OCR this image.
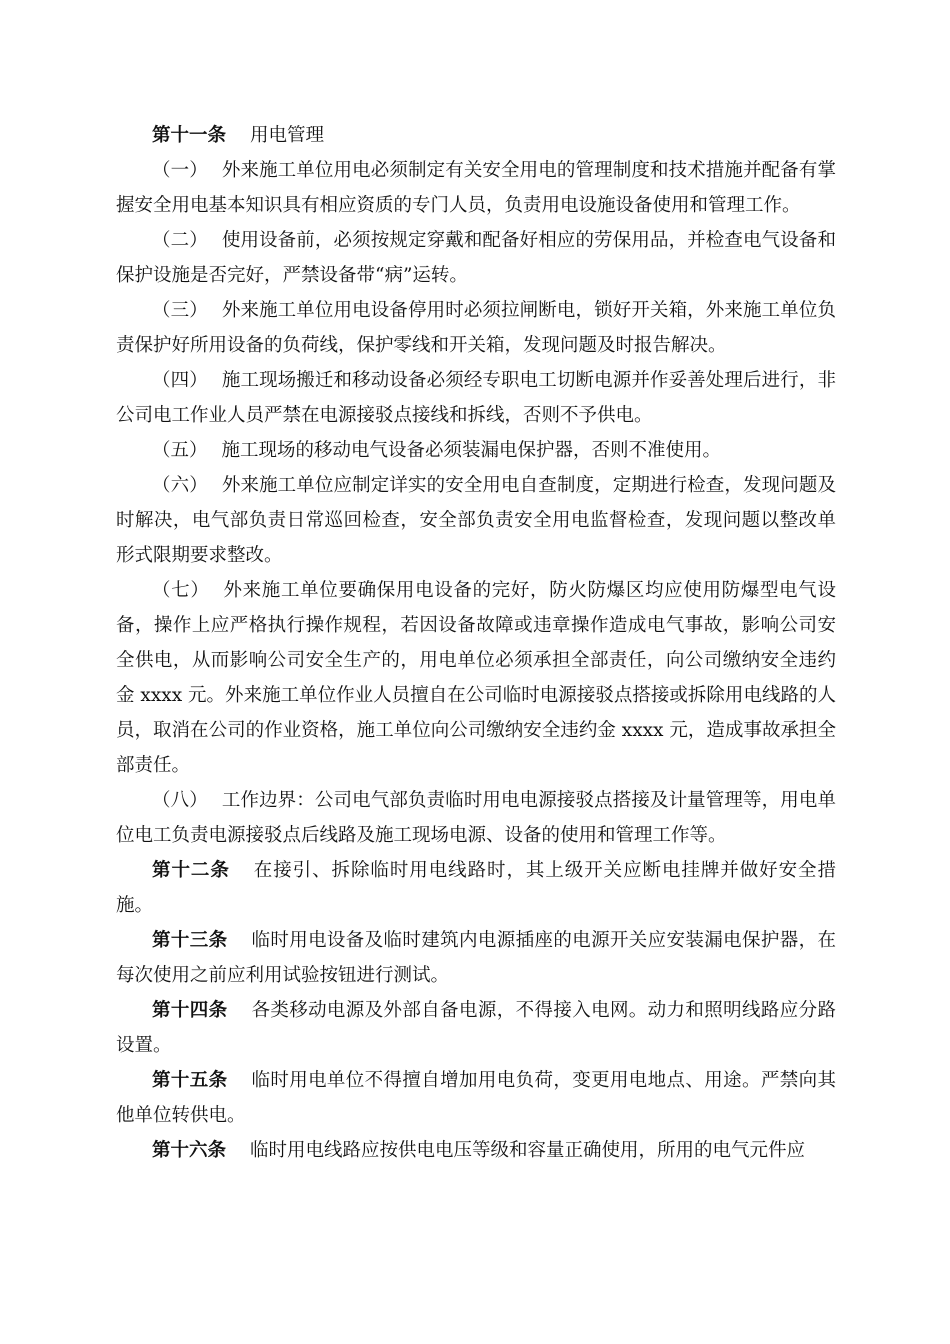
第十一条 用电管理

（一） 外来施工单位用电必须制定有关安全用电的管理制度和技术措施并配备有掌握安全用电基本知识具有相应资质的专门人员，负责用电设施设备使用和管理工作。

（二） 使用设备前，必须按规定穿戴和配备好相应的劳保用品，并检查电气设备和保护设施是否完好，严禁设备带“病”运转。

（三） 外来施工单位用电设备停用时必须拉闸断电，锁好开关箱，外来施工单位负责保护好所用设备的负荷线，保护零线和开关箱，发现问题及时报告解决。

（四） 施工现场搬迁和移动设备必须经专职电工切断电源并作妥善处理后进行，非公司电工作业人员严禁在电源接驳点接线和拆线，否则不予供电。

（五） 施工现场的移动电气设备必须装漏电保护器，否则不准使用。

（六） 外来施工单位应制定详实的安全用电自查制度，定期进行检查，发现问题及时解决，电气部负责日常巡回检查，安全部负责安全用电监督检查，发现问题以整改单形式限期要求整改。

（七） 外来施工单位要确保用电设备的完好，防火防爆区均应使用防爆型电气设备，操作上应严格执行操作规程，若因设备故障或违章操作造成电气事故，影响公司安全供电，从而影响公司安全生产的，用电单位必须承担全部责任，向公司缴纳安全违约金 xxxx 元。外来施工单位作业人员擅自在公司临时电源接驳点搭接或拆除用电线路的人员，取消在公司的作业资格，施工单位向公司缴纳安全违约金 xxxx 元，造成事故承担全部责任。

（八） 工作边界：公司电气部负责临时用电电源接驳点搭接及计量管理等，用电单位电工负责电源接驳点后线路及施工现场电源、设备的使用和管理工作等。

第十二条 在接引、拆除临时用电线路时，其上级开关应断电挂牌并做好安全措施。

第十三条 临时用电设备及临时建筑内电源插座的电源开关应安装漏电保护器，在每次使用之前应利用试验按钮进行测试。

第十四条 各类移动电源及外部自备电源，不得接入电网。动力和照明线路应分路设置。

第十五条 临时用电单位不得擅自增加用电负荷，变更用电地点、用途。严禁向其他单位转供电。

第十六条 临时用电线路应按供电电压等级和容量正确使用，所用的电气元件应
